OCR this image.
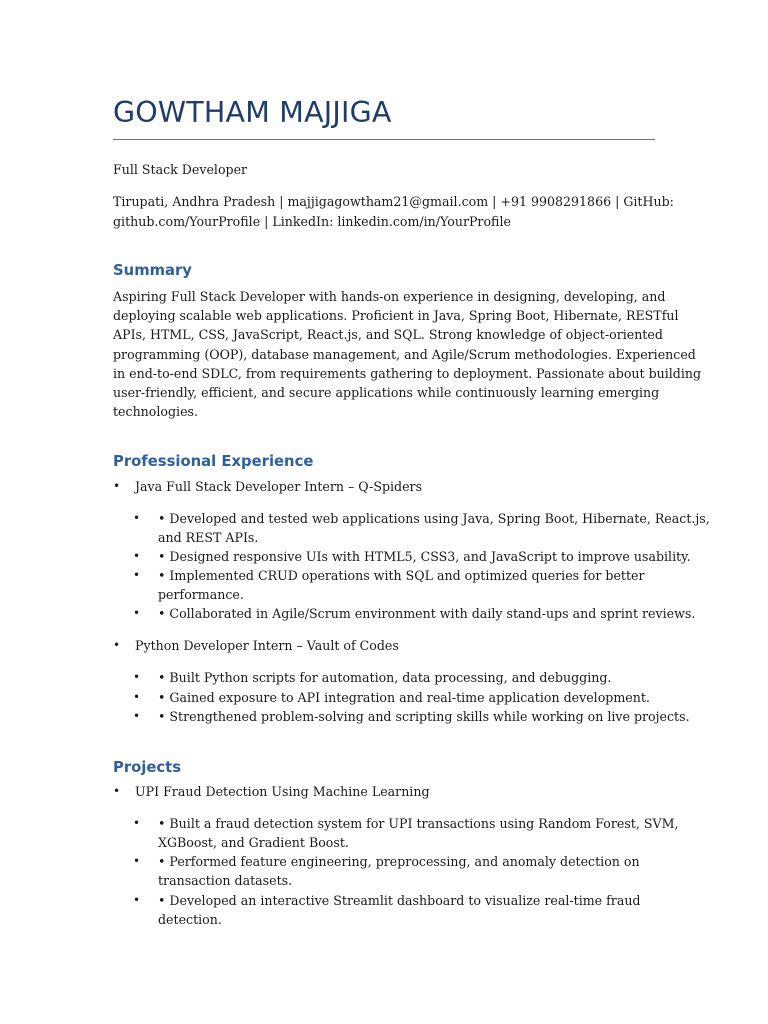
GOWTHAM MAJJIGA
Full Stack Developer
Tirupati, Andhra Pradesh | majjigagowtham21@gmail.com | +91 9908291866 | GitHub:
github.com/YourProfile | LinkedIn: linkedin.com/in/YourProfile
Summary
Aspiring Full Stack Developer with hands-on experience in designing, developing, and
deploying scalable web applications. Proficient in Java, Spring Boot, Hibernate, RESTful
APIs, HTML, CSS, JavaScript, React.js, and SQL. Strong knowledge of object-oriented
programming (OOP), database management, and Agile/Scrum methodologies. Experienced
in end-to-end SDLC, from requirements gathering to deployment. Passionate about building
user-friendly, efficient, and secure applications while continuously learning emerging
technologies.
Professional Experience
• Java Full Stack Developer Intern – Q-Spiders
• • Developed and tested web applications using Java, Spring Boot, Hibernate, React.js,
and REST APIs.
• • Designed responsive UIs with HTML5, CSS3, and JavaScript to improve usability.
• • Implemented CRUD operations with SQL and optimized queries for better
performance.
• • Collaborated in Agile/Scrum environment with daily stand-ups and sprint reviews.
• Python Developer Intern – Vault of Codes
• • Built Python scripts for automation, data processing, and debugging.
• • Gained exposure to API integration and real-time application development.
• • Strengthened problem-solving and scripting skills while working on live projects.
Projects
• UPI Fraud Detection Using Machine Learning
• • Built a fraud detection system for UPI transactions using Random Forest, SVM,
XGBoost, and Gradient Boost.
• • Performed feature engineering, preprocessing, and anomaly detection on
transaction datasets.
• • Developed an interactive Streamlit dashboard to visualize real-time fraud
detection.
